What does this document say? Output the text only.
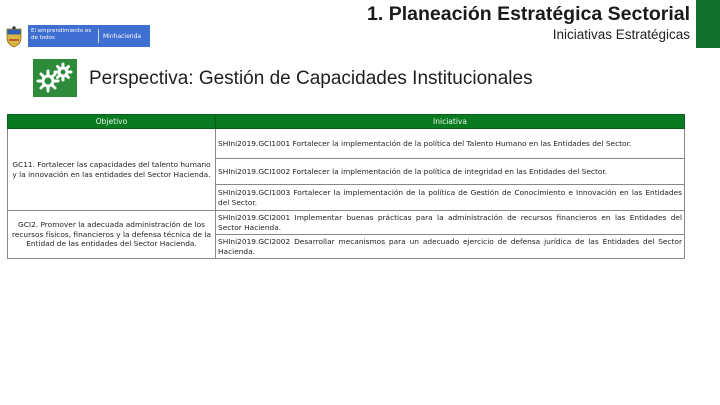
El emprendimiento es de todos	Minhacienda
1. Planeación Estratégica Sectorial
Iniciativas Estratégicas
Perspectiva: Gestión de Capacidades Institucionales
Objetivo	Iniciativa
GC11. Fortalecer las capacidades del talento humano y la innovación en las entidades del Sector Hacienda.	SHIni2019.GCI1001 Fortalecer la implementación de la política del Talento Humano en las Entidades del Sector.
	SHIni2019.GCI1002 Fortalecer la implementación de la política de integridad en las Entidades del Sector.
	SHIni2019.GCI1003 Fortalecer la implementación de la política de Gestión de Conocimiento e Innovación en las Entidades del Sector.
GCI2. Promover la adecuada administración de los recursos físicos, financieros y la defensa técnica de la Entidad de las entidades del Sector Hacienda.	SHIni2019.GCI2001 Implementar buenas prácticas para la administración de recursos financieros en las Entidades del Sector Hacienda.
	SHIni2019.GCI2002 Desarrollar mecanismos para un adecuado ejercicio de defensa jurídica de las Entidades del Sector Hacienda.
